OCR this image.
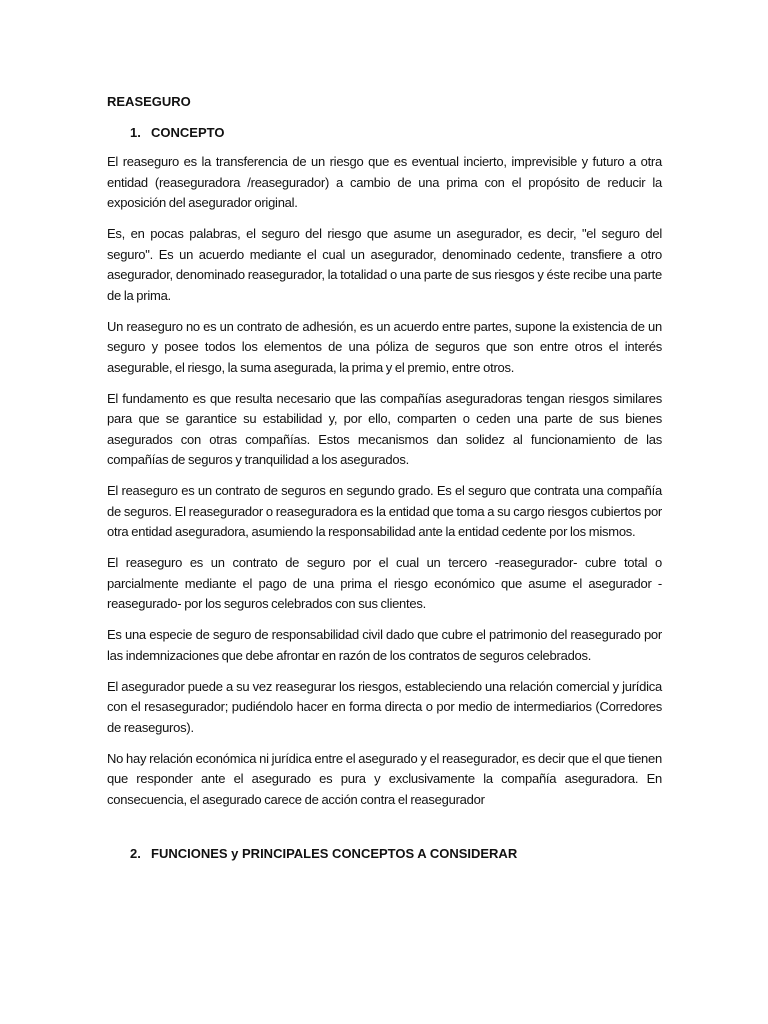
REASEGURO
1. CONCEPTO

El reaseguro es la transferencia de un riesgo que es eventual incierto, imprevisible y futuro a otra entidad (reaseguradora /reasegurador) a cambio de una prima con el propósito de reducir la exposición del asegurador original.

Es, en pocas palabras, el seguro del riesgo que asume un asegurador, es decir, "el seguro del seguro". Es un acuerdo mediante el cual un asegurador, denominado cedente, transfiere a otro asegurador, denominado reasegurador, la totalidad o una parte de sus riesgos y éste recibe una parte de la prima.

Un reaseguro no es un contrato de adhesión, es un acuerdo entre partes, supone la existencia de un seguro y posee todos los elementos de una póliza de seguros que son entre otros el interés asegurable, el riesgo, la suma asegurada, la prima y el premio, entre otros.

El fundamento es que resulta necesario que las compañías aseguradoras tengan riesgos similares para que se garantice su estabilidad y, por ello, comparten o ceden una parte de sus bienes asegurados con otras compañías. Estos mecanismos dan solidez al funcionamiento de las compañías de seguros y tranquilidad a los asegurados.

El reaseguro es un contrato de seguros en segundo grado. Es el seguro que contrata una compañía de seguros. El reasegurador o reaseguradora es la entidad que toma a su cargo riesgos cubiertos por otra entidad aseguradora, asumiendo la responsabilidad ante la entidad cedente por los mismos.

El reaseguro es un contrato de seguro por el cual un tercero -reasegurador- cubre total o parcialmente mediante el pago de una prima el riesgo económico que asume el asegurador -reasegurado- por los seguros celebrados con sus clientes.

Es una especie de seguro de responsabilidad civil dado que cubre el patrimonio del reasegurado por las indemnizaciones que debe afrontar en razón de los contratos de seguros celebrados.

El asegurador puede a su vez reasegurar los riesgos, estableciendo una relación comercial y jurídica con el resasegurador; pudiéndolo hacer en forma directa o por medio de intermediarios (Corredores de reaseguros).

No hay relación económica ni jurídica entre el asegurado y el reasegurador, es decir que el que tienen que responder ante el asegurado es pura y exclusivamente la compañía aseguradora. En consecuencia, el asegurado carece de acción contra el reasegurador

2. FUNCIONES y PRINCIPALES CONCEPTOS A CONSIDERAR
